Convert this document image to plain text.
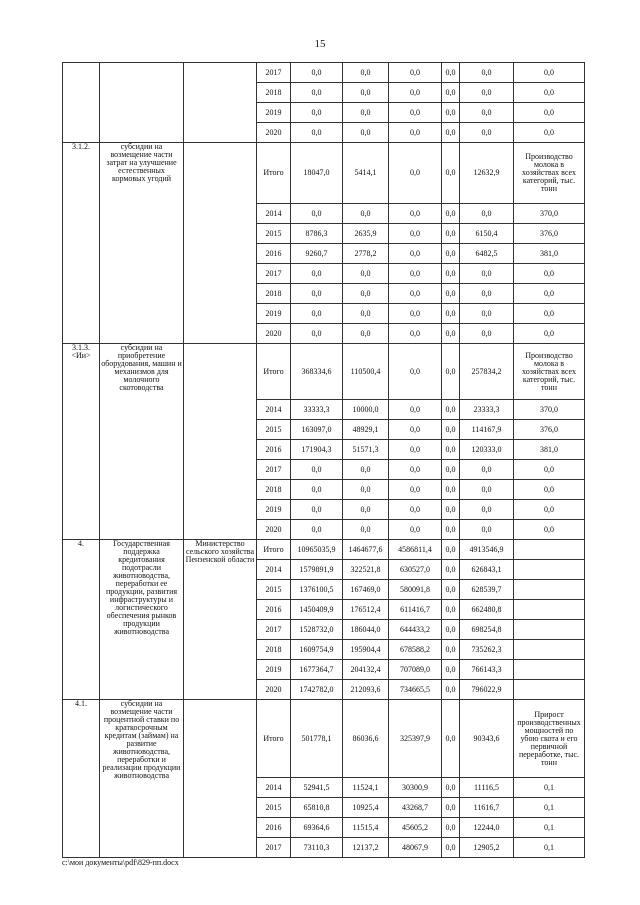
15
			2017	0,0	0,0	0,0	0,0	0,0	0,0
			2018	0,0	0,0	0,0	0,0	0,0	0,0
			2019	0,0	0,0	0,0	0,0	0,0	0,0
			2020	0,0	0,0	0,0	0,0	0,0	0,0
3.1.2.	субсидии на возмещение части затрат на улучшение естественных кормовых угодий		Итого	18047,0	5414,1	0,0	0,0	12632,9	Производство молока в хозяйствах всех категорий, тыс. тонн
			2014	0,0	0,0	0,0	0,0	0,0	370,0
			2015	8786,3	2635,9	0,0	0,0	6150,4	376,0
			2016	9260,7	2778,2	0,0	0,0	6482,5	381,0
			2017	0,0	0,0	0,0	0,0	0,0	0,0
			2018	0,0	0,0	0,0	0,0	0,0	0,0
			2019	0,0	0,0	0,0	0,0	0,0	0,0
			2020	0,0	0,0	0,0	0,0	0,0	0,0
3.1.3. <Ии>	субсидии на приобретение оборудования, машин и механизмов для молочного скотоводства		Итого	368334,6	110500,4	0,0	0,0	257834,2	Производство молока в хозяйствах всех категорий, тыс. тонн
			2014	33333,3	10000,0	0,0	0,0	23333,3	370,0
			2015	163097,0	48929,1	0,0	0,0	114167,9	376,0
			2016	171904,3	51571,3	0,0	0,0	120333,0	381,0
			2017	0,0	0,0	0,0	0,0	0,0	0,0
			2018	0,0	0,0	0,0	0,0	0,0	0,0
			2019	0,0	0,0	0,0	0,0	0,0	0,0
			2020	0,0	0,0	0,0	0,0	0,0	0,0
4.	Государственная поддержка кредитования подотрасли животноводства, переработки ее продукции, развития инфраструктуры и логистического обеспечения рынков продукции животноводства	Министерство сельского хозяйства Пензенской области	Итого	10965035,9	1464677,6	4586811,4	0,0	4913546,9	
			2014	1579891,9	322521,8	630527,0	0,0	626843,1	
			2015	1376100,5	167469,0	580091,8	0,0	628539,7	
			2016	1450409,9	176512,4	611416,7	0,0	662480,8	
			2017	1528732,0	186044,0	644433,2	0,0	698254,8	
			2018	1609754,9	195904,4	678588,2	0,0	735262,3	
			2019	1677364,7	204132,4	707089,0	0,0	766143,3	
			2020	1742782,0	212093,6	734665,5	0,0	796022,9	
4.1.	субсидии на возмещение части процентной ставки по краткосрочным кредитам (займам) на развитие животноводства, переработки и реализации продукции животноводства		Итого	501778,1	86036,6	325397,9	0,0	90343,6	Прирост производственных мощностей по убою скота и его первичной переработке, тыс. тонн
			2014	52941,5	11524,1	30300,9	0,0	11116,5	0,1
			2015	65810,8	10925,4	43268,7	0,0	11616,7	0,1
			2016	69364,6	11515,4	45605,2	0,0	12244,0	0,1
			2017	73110,3	12137,2	48067,9	0,0	12905,2	0,1
c:\мои документы\pdf\829-пп.docx
